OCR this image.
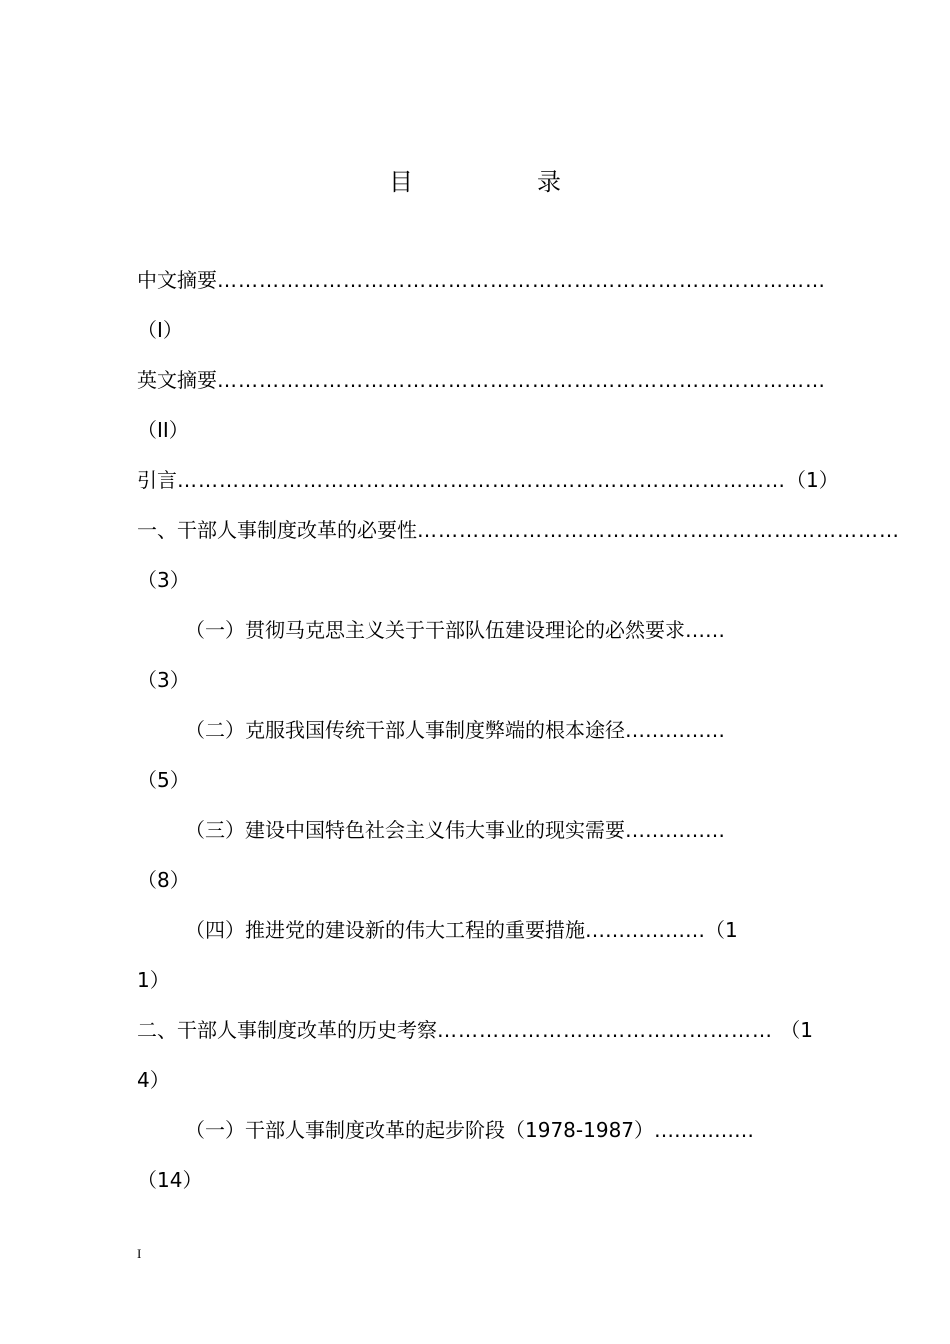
目　录
中文摘要 ……………………………………………………………………………
（I）
英文摘要 ……………………………………………………………………………
（II）
引言 …………………………………………………………………………… （1）
一、干部人事制度改革的必要性 ……………………………………………………………
（3）
（一）贯彻马克思主义关于干部队伍建设理论的必然要求……
（3）
（二）克服我国传统干部人事制度弊端的根本途径……………
（5）
（三）建设中国特色社会主义伟大事业的现实需要……………
（8）
（四）推进党的建设新的伟大工程的重要措施………………（1
1）
二、干部人事制度改革的历史考察 ………………………………………… （1
4）
（一）干部人事制度改革的起步阶段（1978-1987）……………
（14）
I
